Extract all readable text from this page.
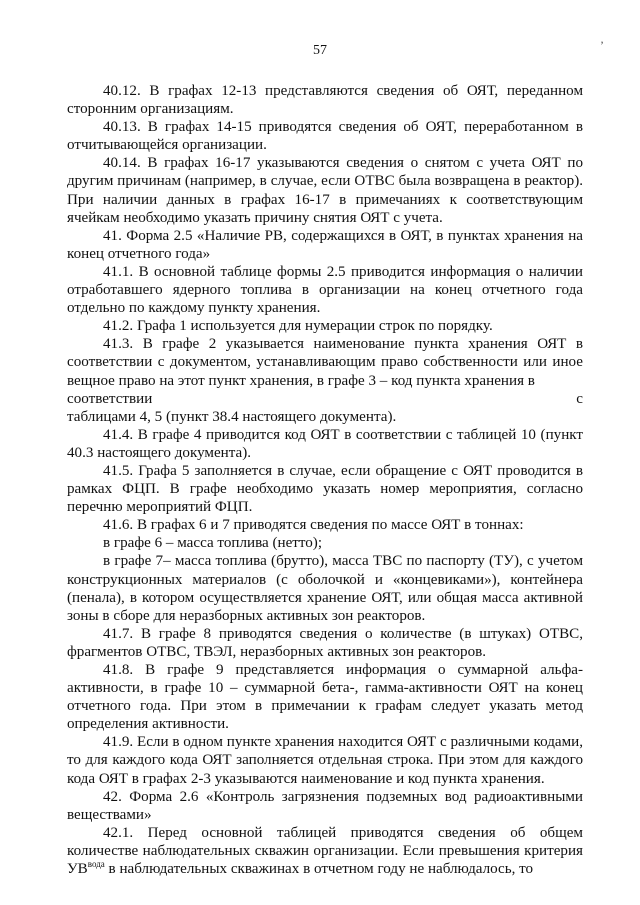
57	’

40.12. В графах 12-13 представляются сведения об ОЯТ, переданном сторонним организациям.

40.13. В графах 14-15 приводятся сведения об ОЯТ, переработанном в отчитывающейся организации.

40.14. В графах 16-17 указываются сведения о снятом с учета ОЯТ по другим причинам (например, в случае, если ОТВС была возвращена в реактор). При наличии данных в графах 16-17 в примечаниях к соответствующим ячейкам необходимо указать причину снятия ОЯТ с учета.

41. Форма 2.5 «Наличие РВ, содержащихся в ОЯТ, в пунктах хранения на конец отчетного года»

41.1. В основной таблице формы 2.5 приводится информация о наличии отработавшего ядерного топлива в организации на конец отчетного года отдельно по каждому пункту хранения.

41.2. Графа 1 используется для нумерации строк по порядку.

41.3. В графе 2 указывается наименование пункта хранения ОЯТ в соответствии с документом, устанавливающим право собственности или иное вещное право на этот пункт хранения, в графе 3 – код пункта хранения в

соответствии	с

таблицами 4, 5 (пункт 38.4 настоящего документа).

41.4. В графе 4 приводится код ОЯТ в соответствии с таблицей 10 (пункт 40.3 настоящего документа).

41.5. Графа 5 заполняется в случае, если обращение с ОЯТ проводится в рамках ФЦП. В графе необходимо указать номер мероприятия, согласно перечню мероприятий ФЦП.

41.6. В графах 6 и 7 приводятся сведения по массе ОЯТ в тоннах:

в графе 6 – масса топлива (нетто);

в графе 7– масса топлива (брутто), масса ТВС по паспорту (ТУ), с учетом конструкционных материалов (с оболочкой и «концевиками»), контейнера (пенала), в котором осуществляется хранение ОЯТ, или общая масса активной зоны в сборе для неразборных активных зон реакторов.

41.7. В графе 8 приводятся сведения о количестве (в штуках) ОТВС, фрагментов ОТВС, ТВЭЛ, неразборных активных зон реакторов.

41.8. В графе 9 представляется информация о суммарной альфа-активности, в графе 10 – суммарной бета-, гамма-активности ОЯТ на конец отчетного года. При этом в примечании к графам следует указать метод определения активности.

41.9. Если в одном пункте хранения находится ОЯТ с различными кодами, то для каждого кода ОЯТ заполняется отдельная строка. При этом для каждого кода ОЯТ в графах 2-3 указываются наименование и код пункта хранения.

42. Форма 2.6 «Контроль загрязнения подземных вод радиоактивными веществами»

42.1. Перед основной таблицей приводятся сведения об общем количестве наблюдательных скважин организации. Если превышения критерия $УВ^{вода}$ в наблюдательных скважинах в отчетном году не наблюдалось, то
